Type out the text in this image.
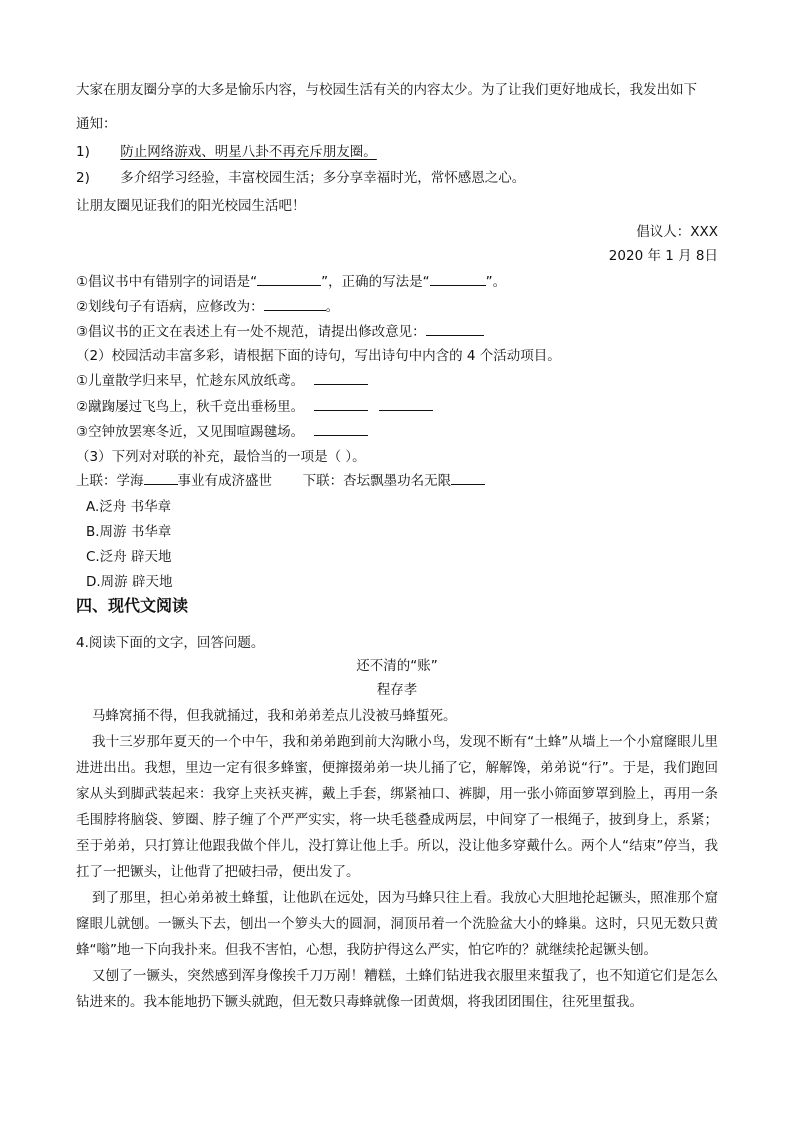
大家在朋友圈分享的大多是愉乐内容，与校园生活有关的内容太少。为了让我们更好地成长，我发出如下
通知：
1) 防止网络游戏、明星八卦不再充斥朋友圈。
2) 多介绍学习经验，丰富校园生活；多分享幸福时光，常怀感恩之心。
让朋友圈见证我们的阳光校园生活吧！
倡议人：XXX
2020 年 1 月 8日
①倡议书中有错别字的词语是“	”，正确的写法是“	”。
②划线句子有语病，应修改为：	。
③倡议书的正文在表述上有一处不规范，请提出修改意见：
（2）校园活动丰富多彩，请根据下面的诗句，写出诗句中内含的 4 个活动项目。
①儿童散学归来早，忙趁东风放纸鸢。
②蹴踘屡过飞鸟上，秋千竞出垂杨里。
③空钟放罢寒冬近，又见围喧踢毽场。
（3）下列对对联的补充，最恰当的一项是（ ）。
上联：学海	事业有成济盛世 下联：杏坛飘墨功名无限
A.泛舟 书华章
B.周游 书华章
C.泛舟 辟天地
D.周游 辟天地
四、现代文阅读
4.阅读下面的文字，回答问题。
还不清的“账”
程存孝
马蜂窝捅不得，但我就捅过，我和弟弟差点儿没被马蜂蜇死。
我十三岁那年夏天的一个中午，我和弟弟跑到前大沟瞅小鸟，发现不断有“土蜂”从墙上一个小窟窿眼儿里进进出出。我想，里边一定有很多蜂蜜，便撺掇弟弟一块儿捅了它，解解馋，弟弟说“行”。于是，我们跑回家从头到脚武装起来：我穿上夹袄夹裤，戴上手套，绑紧袖口、裤脚，用一张小筛面箩罩到脸上，再用一条毛围脖将脑袋、箩圈、脖子缠了个严严实实，将一块毛毯叠成两层，中间穿了一根绳子，披到身上，系紧；至于弟弟，只打算让他跟我做个伴儿，没打算让他上手。所以，没让他多穿戴什么。两个人“结束”停当，我扛了一把镢头，让他背了把破扫帚，便出发了。
到了那里，担心弟弟被土蜂蜇，让他趴在远处，因为马蜂只往上看。我放心大胆地抡起镢头，照准那个窟窿眼儿就刨。一镢头下去，刨出一个箩头大的圆洞，洞顶吊着一个洗脸盆大小的蜂巢。这时，只见无数只黄蜂“嗡”地一下向我扑来。但我不害怕，心想，我防护得这么严实，怕它咋的？就继续抡起镢头刨。
又刨了一镢头，突然感到浑身像挨千刀万剐！糟糕，土蜂们钻进我衣服里来蜇我了，也不知道它们是怎么钻进来的。我本能地扔下镢头就跑，但无数只毒蜂就像一团黄烟，将我团团围住，往死里蜇我。
